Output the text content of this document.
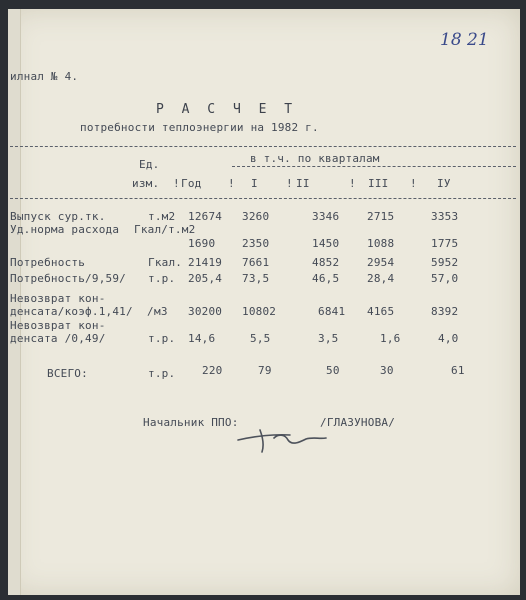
18 21
илнал № 4.
Р А С Ч Е Т
потребности теплоэнергии на 1982 г.
Ед.
изм. ! Год
в т.ч. по кварталам
! I	! II	! III ! IУ
Выпуск сур.тк.	т.м2 12674 3260	3346	2715	3353
Уд.норма расхода Гкал/т.м2
1690 2350	1450	1088	1775
Потребность	Гкал. 21419 7661	4852	2954	5952
Потребность/9,59/ т.р. 205,4 73,5	46,5	28,4	57,0
Невозврат кон-
денсата/коэф.1,41/ / м3 30200 10802	6841 4165	8392
Невозврат кон-
денсата /0,49/	т.р. 14,6	5,5	3,5	1,6	4,0
ВСЕГО:	т.р. 220	79	50	30	61
Начальник ППО:	/ГЛАЗУНОВА/
